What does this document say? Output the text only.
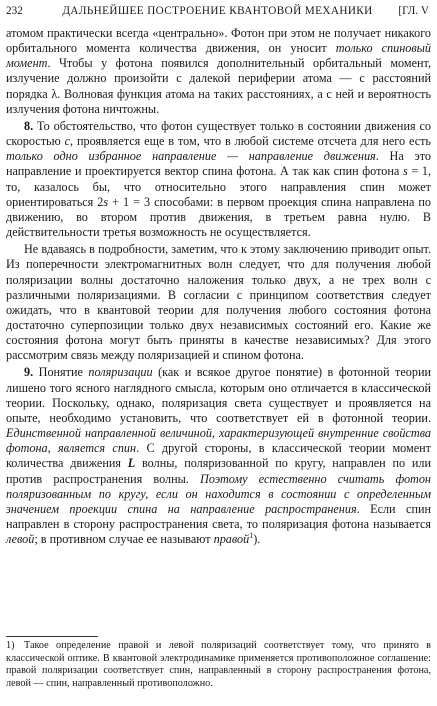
232	ДАЛЬНЕЙШЕЕ ПОСТРОЕНИЕ КВАНТОВОЙ МЕХАНИКИ	[ГЛ. V

атомом практически всегда «центрально». Фотон при этом не получает никакого орбитального момента количества движения, он уносит только спиновый момент. Чтобы у фотона появился дополнительный орбитальный момент, излучение должно произойти с далекой периферии атома — с расстояний порядка λ. Волновая функция атома на таких расстояниях, а с ней и вероятность излучения фотона ничтожны.

8. То обстоятельство, что фотон существует только в состоянии движения со скоростью c, проявляется еще в том, что в любой системе отсчета для него есть только одно избранное направление — направление движения. На это направление и проектируется вектор спина фотона. А так как спин фотона s = 1, то, казалось бы, что относительно этого направления спин может ориентироваться 2s + 1 = 3 способами: в первом проекция спина направлена по движению, во втором против движения, в третьем равна нулю. В действительности третья возможность не осуществляется.

Не вдаваясь в подробности, заметим, что к этому заключению приводит опыт. Из поперечности электромагнитных волн следует, что для получения любой поляризации волны достаточно наложения только двух, а не трех волн с различными поляризациями. В согласии с принципом соответствия следует ожидать, что в квантовой теории для получения любого состояния фотона достаточно суперпозиции только двух независимых состояний его. Какие же состояния фотона могут быть приняты в качестве независимых? Для этого рассмотрим связь между поляризацией и спином фотона.

9. Понятие поляризации (как и всякое другое понятие) в фотонной теории лишено того ясного наглядного смысла, которым оно отличается в классической теории. Поскольку, однако, поляризация света существует и проявляется на опыте, необходимо установить, что соответствует ей в фотонной теории. Единственной направленной величиной, характеризующей внутренние свойства фотона, является спин. С другой стороны, в классической теории момент количества движения L волны, поляризованной по кругу, направлен по или против распространения волны. Поэтому естественно считать фотон поляризованным по кругу, если он находится в состоянии с определенным значением проекции спина на направление распространения. Если спин направлен в сторону распространения света, то поляризация фотона называется левой; в противном случае ее называют правой$^1$).

1) Такое определение правой и левой поляризаций соответствует тому, что принято в классической оптике. В квантовой электродинамике применяется противоположное соглашение: правой поляризации соответствует спин, направленный в сторону распространения фотона, левой — спин, направленный противоположно.
